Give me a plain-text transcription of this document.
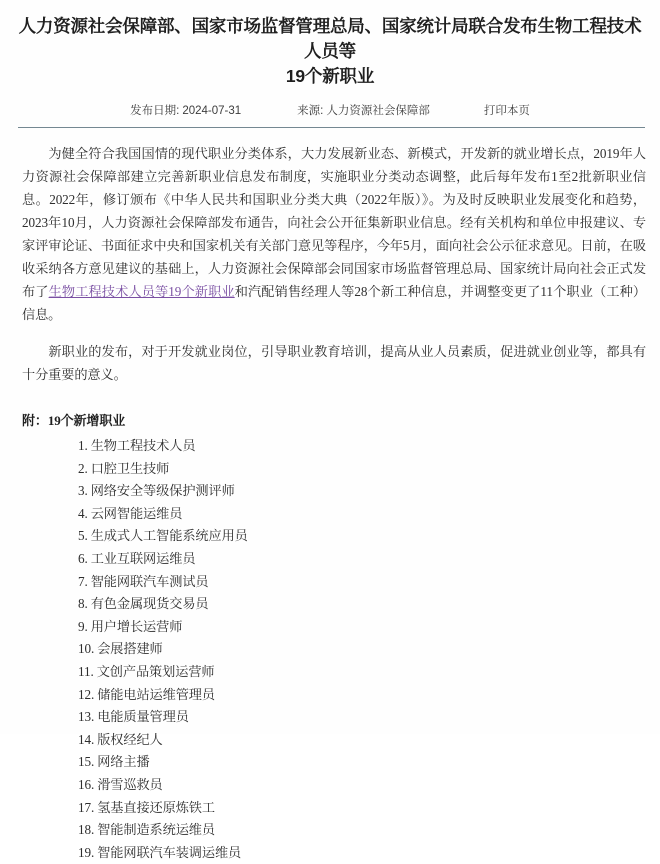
人力资源社会保障部、国家市场监督管理总局、国家统计局联合发布生物工程技术人员等
19个新职业
发布日期: 2024-07-31	来源: 人力资源社会保障部	打印本页

为健全符合我国国情的现代职业分类体系，大力发展新业态、新模式，开发新的就业增长点，2019年人力资源社会保障部建立完善新职业信息发布制度，实施职业分类动态调整，此后每年发布1至2批新职业信息。2022年，修订颁布《中华人民共和国职业分类大典（2022年版）》。为及时反映职业发展变化和趋势，2023年10月，人力资源社会保障部发布通告，向社会公开征集新职业信息。经有关机构和单位申报建议、专家评审论证、书面征求中央和国家机关有关部门意见等程序，今年5月，面向社会公示征求意见。日前，在吸收采纳各方意见建议的基础上，人力资源社会保障部会同国家市场监督管理总局、国家统计局向社会正式发布了生物工程技术人员等19个新职业和汽配销售经理人等28个新工种信息，并调整变更了11个职业（工种）信息。

新职业的发布，对于开发就业岗位，引导职业教育培训，提高从业人员素质，促进就业创业等，都具有十分重要的意义。

附：19个新增职业
1. 生物工程技术人员
2. 口腔卫生技师
3. 网络安全等级保护测评师
4. 云网智能运维员
5. 生成式人工智能系统应用员
6. 工业互联网运维员
7. 智能网联汽车测试员
8. 有色金属现货交易员
9. 用户增长运营师
10. 会展搭建师
11. 文创产品策划运营师
12. 储能电站运维管理员
13. 电能质量管理员
14. 版权经纪人
15. 网络主播
16. 滑雪巡救员
17. 氢基直接还原炼铁工
18. 智能制造系统运维员
19. 智能网联汽车装调运维员
